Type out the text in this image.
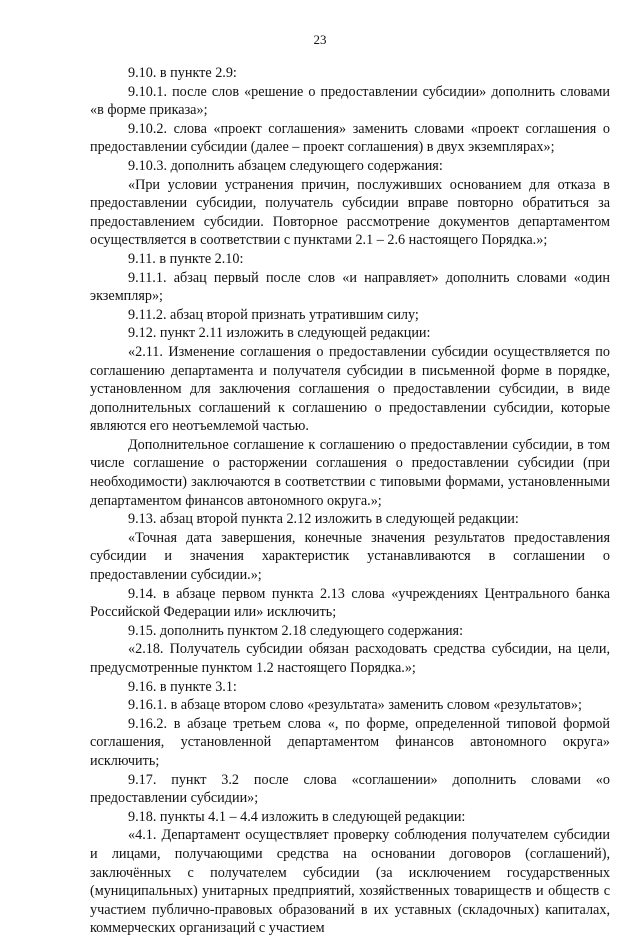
23

9.10. в пункте 2.9:

9.10.1. после слов «решение о предоставлении субсидии» дополнить словами «в форме приказа»;

9.10.2. слова «проект соглашения» заменить словами «проект соглашения о предоставлении субсидии (далее – проект соглашения) в двух экземплярах»;

9.10.3. дополнить абзацем следующего содержания:

«При условии устранения причин, послуживших основанием для отказа в предоставлении субсидии, получатель субсидии вправе повторно обратиться за предоставлением субсидии. Повторное рассмотрение документов департаментом осуществляется в соответствии с пунктами 2.1 – 2.6 настоящего Порядка.»;

9.11. в пункте 2.10:

9.11.1. абзац первый после слов «и направляет» дополнить словами «один экземпляр»;

9.11.2. абзац второй признать утратившим силу;

9.12. пункт 2.11 изложить в следующей редакции:

«2.11. Изменение соглашения о предоставлении субсидии осуществляется по соглашению департамента и получателя субсидии в письменной форме в порядке, установленном для заключения соглашения о предоставлении субсидии, в виде дополнительных соглашений к соглашению о предоставлении субсидии, которые являются его неотъемлемой частью.

Дополнительное соглашение к соглашению о предоставлении субсидии, в том числе соглашение о расторжении соглашения о предоставлении субсидии (при необходимости) заключаются в соответствии с типовыми формами, установленными департаментом финансов автономного округа.»;

9.13. абзац второй пункта 2.12 изложить в следующей редакции:

«Точная дата завершения, конечные значения результатов предоставления субсидии и значения характеристик устанавливаются в соглашении о предоставлении субсидии.»;

9.14. в абзаце первом пункта 2.13 слова «учреждениях Центрального банка Российской Федерации или» исключить;

9.15. дополнить пунктом 2.18 следующего содержания:

«2.18. Получатель субсидии обязан расходовать средства субсидии, на цели, предусмотренные пунктом 1.2 настоящего Порядка.»;

9.16. в пункте 3.1:

9.16.1. в абзаце втором слово «результата» заменить словом «результатов»;

9.16.2. в абзаце третьем слова «, по форме, определенной типовой формой соглашения, установленной департаментом финансов автономного округа» исключить;

9.17. пункт 3.2 после слова «соглашении» дополнить словами «о предоставлении субсидии»;

9.18. пункты 4.1 – 4.4 изложить в следующей редакции:

«4.1. Департамент осуществляет проверку соблюдения получателем субсидии и лицами, получающими средства на основании договоров (соглашений), заключённых с получателем субсидии (за исключением государственных (муниципальных) унитарных предприятий, хозяйственных товариществ и обществ с участием публично-правовых образований в их уставных (складочных) капиталах, коммерческих организаций с участием
